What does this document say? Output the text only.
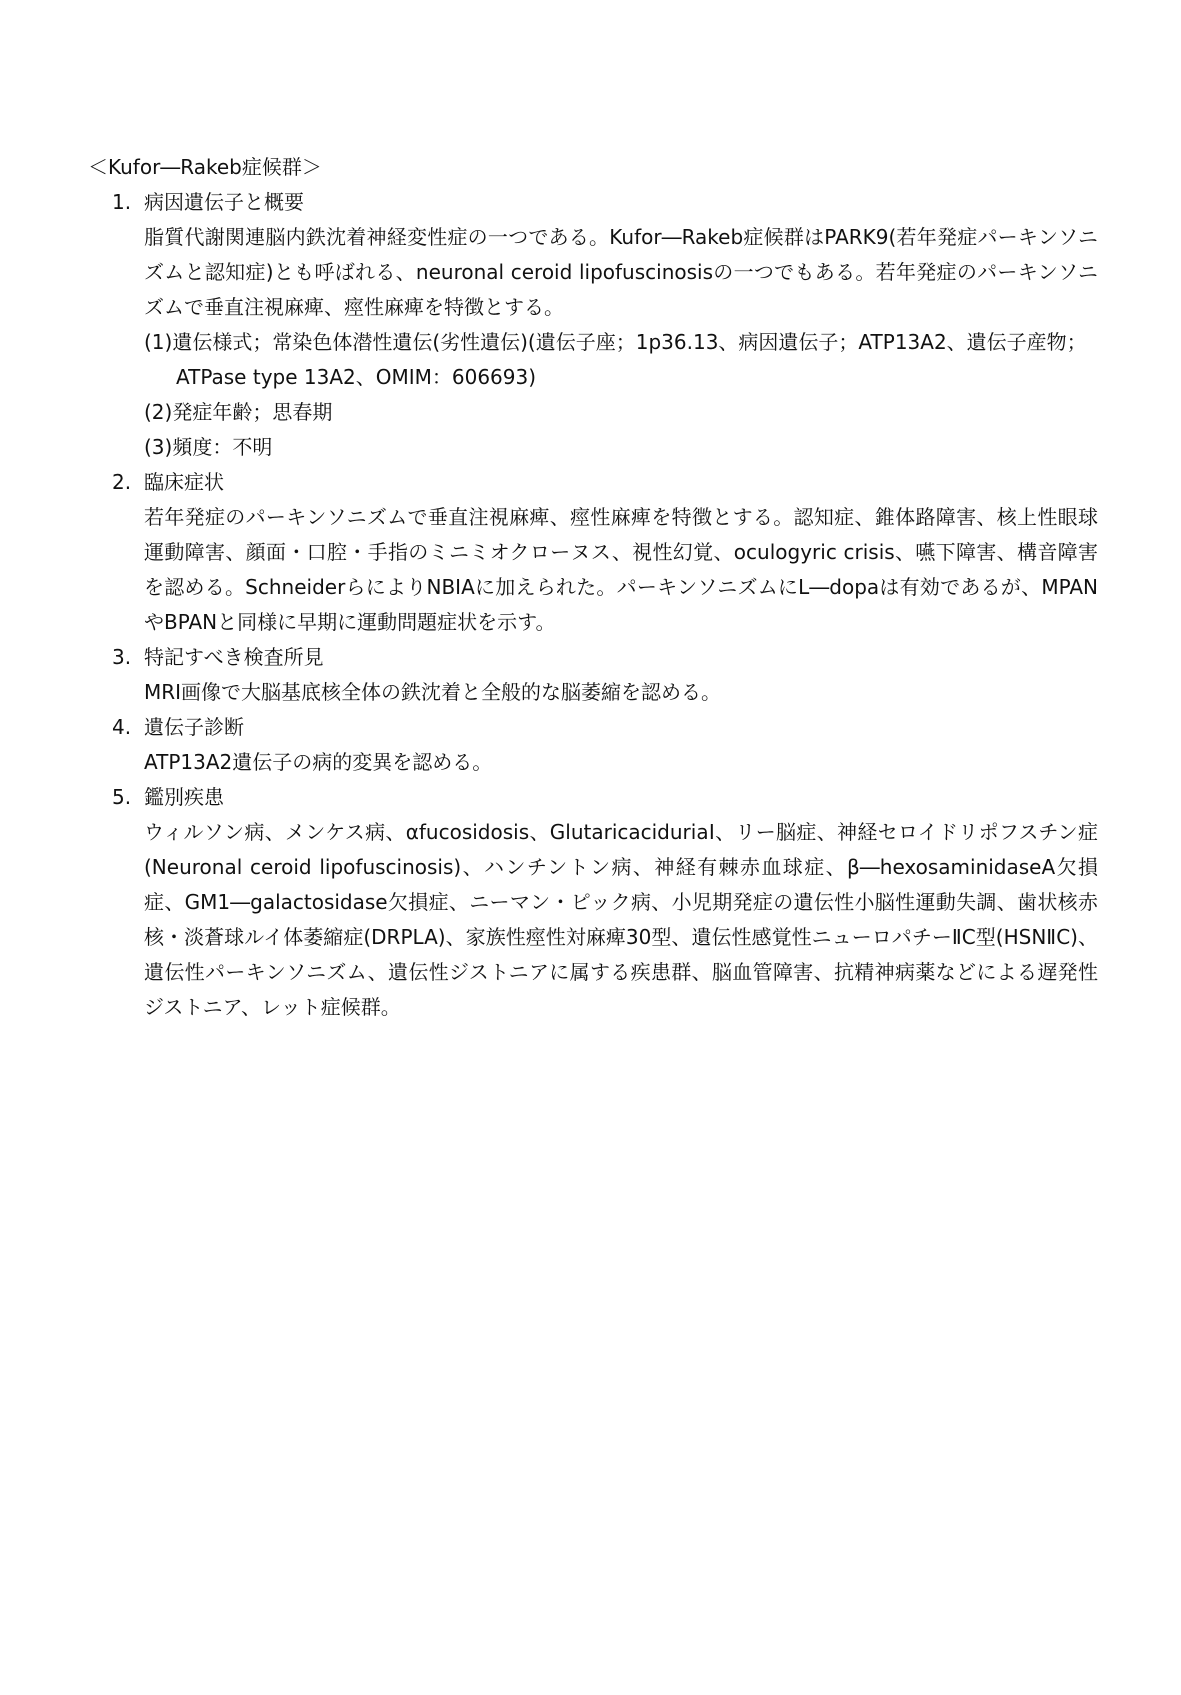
＜Kufor―Rakeb症候群＞
1. 病因遺伝子と概要

脂質代謝関連脳内鉄沈着神経変性症の一つである。Kufor―Rakeb症候群はPARK9(若年発症パーキンソニズムと認知症)とも呼ばれる、neuronal ceroid lipofuscinosisの一つでもある。若年発症のパーキンソニズムで垂直注視麻痺、痙性麻痺を特徴とする。

(1)遺伝様式；常染色体潜性遺伝(劣性遺伝)(遺伝子座；1p36.13、病因遺伝子；ATP13A2、遺伝子産物；ATPase type 13A2、OMIM：606693)

(2)発症年齢；思春期

(3)頻度：不明

2. 臨床症状

若年発症のパーキンソニズムで垂直注視麻痺、痙性麻痺を特徴とする。認知症、錐体路障害、核上性眼球運動障害、顔面・口腔・手指のミニミオクローヌス、視性幻覚、oculogyric crisis、嚥下障害、構音障害を認める。SchneiderらによりNBIAに加えられた。パーキンソニズムにL―dopaは有効であるが、MPANやBPANと同様に早期に運動問題症状を示す。

3. 特記すべき検査所見

MRI画像で大脳基底核全体の鉄沈着と全般的な脳萎縮を認める。

4. 遺伝子診断

ATP13A2遺伝子の病的変異を認める。

5. 鑑別疾患

ウィルソン病、メンケス病、αfucosidosis、GlutaricaciduriaⅠ、リー脳症、神経セロイドリポフスチン症(Neuronal ceroid lipofuscinosis)、ハンチントン病、神経有棘赤血球症、β―hexosaminidaseA欠損症、GM1―galactosidase欠損症、ニーマン・ピック病、小児期発症の遺伝性小脳性運動失調、歯状核赤核・淡蒼球ルイ体萎縮症(DRPLA)、家族性痙性対麻痺30型、遺伝性感覚性ニューロパチーⅡC型(HSNⅡC)、遺伝性パーキンソニズム、遺伝性ジストニアに属する疾患群、脳血管障害、抗精神病薬などによる遅発性ジストニア、レット症候群。
